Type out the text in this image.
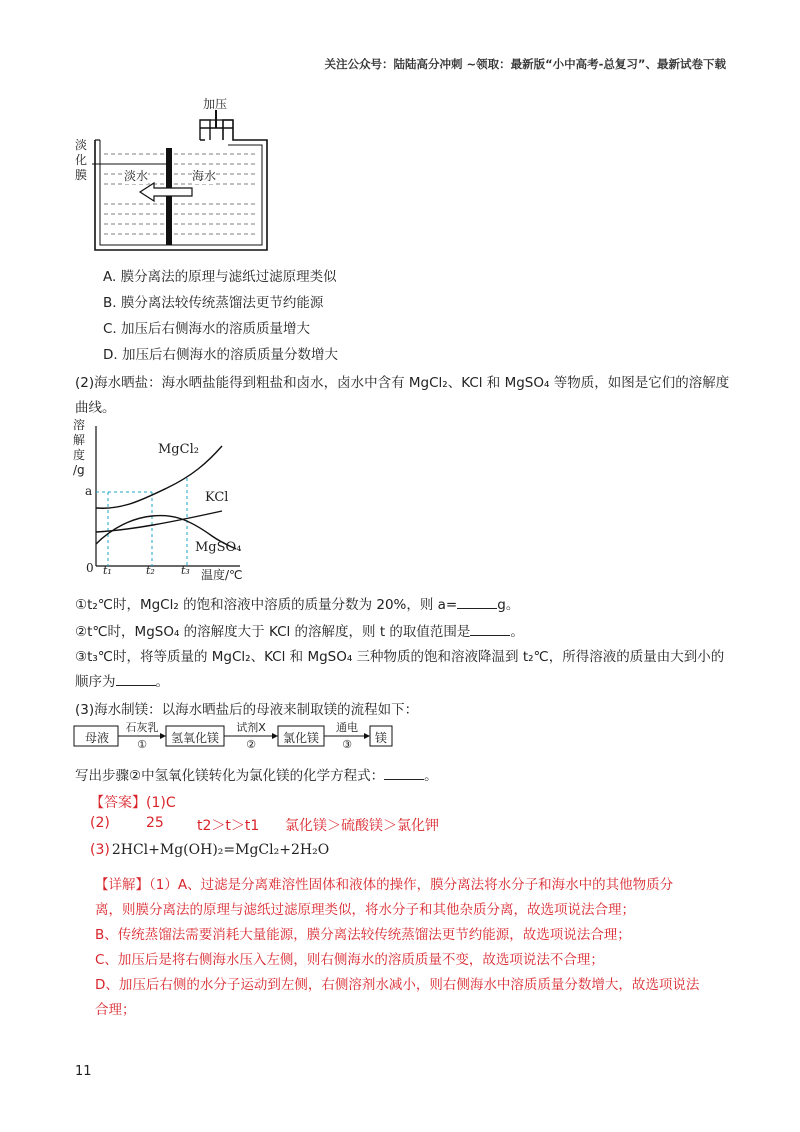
关注公众号：陆陆高分冲刺 ~领取：最新版“小中高考-总复习”、最新试卷下载
加压
淡
化
膜	淡水	海水
A. 膜分离法的原理与滤纸过滤原理类似
B. 膜分离法较传统蒸馏法更节约能源
C. 加压后右侧海水的溶质质量增大
D. 加压后右侧海水的溶质质量分数增大
(2)海水晒盐：海水晒盐能得到粗盐和卤水，卤水中含有 MgCl₂、KCl 和 MgSO₄ 等物质，如图是它们的溶解度
曲线。
溶
解
度
/g
a
0 t₁	t₂ t₃ 温度/℃
MgCl₂
KCl
MgSO₄
①t₂℃时，MgCl₂ 的饱和溶液中溶质的质量分数为 20%，则 a=	g。
②t℃时，MgSO₄ 的溶解度大于 KCl 的溶解度，则 t 的取值范围是	。
③t₃℃时，将等质量的 MgCl₂、KCl 和 MgSO₄ 三种物质的饱和溶液降温到 t₂℃，所得溶液的质量由大到小的
顺序为	。
(3)海水制镁：以海水晒盐后的母液来制取镁的流程如下：
母液	氢氧化镁	氯化镁	镁
石灰乳	试剂X	通电
①	②	③
写出步骤②中氢氧化镁转化为氯化镁的化学方程式：	。
【答案】(1)C
(2)	25 t2＞t＞t1 氯化镁＞硫酸镁＞氯化钾
(3) 2HCl+Mg(OH)₂=MgCl₂+2H₂O
【详解】（1）A、过滤是分离难溶性固体和液体的操作，膜分离法将水分子和海水中的其他物质分
离，则膜分离法的原理与滤纸过滤原理类似，将水分子和其他杂质分离，故选项说法合理；
B、传统蒸馏法需要消耗大量能源，膜分离法较传统蒸馏法更节约能源，故选项说法合理；
C、加压后是将右侧海水压入左侧，则右侧海水的溶质质量不变，故选项说法不合理；
D、加压后右侧的水分子运动到左侧，右侧溶剂水减小，则右侧海水中溶质质量分数增大，故选项说法
合理；
11
